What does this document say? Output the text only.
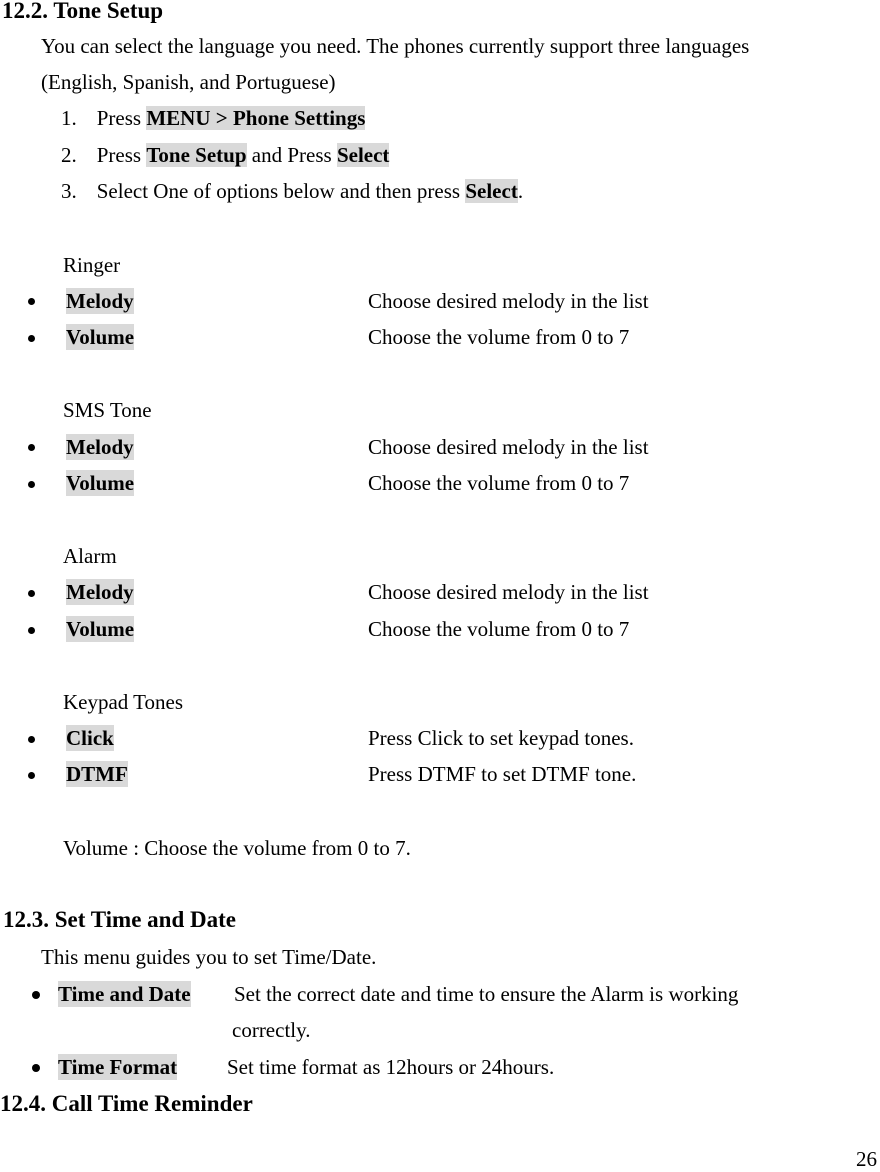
12.2. Tone Setup
You can select the language you need. The phones currently support three languages
(English, Spanish, and Portuguese)
1. Press MENU > Phone Settings
2. Press Tone Setup and Press Select
3. Select One of options below and then press Select.
Ringer
Melody	Choose desired melody in the list
Volume	Choose the volume from 0 to 7
SMS Tone
Melody	Choose desired melody in the list
Volume	Choose the volume from 0 to 7
Alarm
Melody	Choose desired melody in the list
Volume	Choose the volume from 0 to 7
Keypad Tones
Click	Press Click to set keypad tones.
DTMF	Press DTMF to set DTMF tone.
Volume : Choose the volume from 0 to 7.
12.3. Set Time and Date
This menu guides you to set Time/Date.
Time and Date Set the correct date and time to ensure the Alarm is working
correctly.
Time Format Set time format as 12hours or 24hours.
12.4. Call Time Reminder
26
